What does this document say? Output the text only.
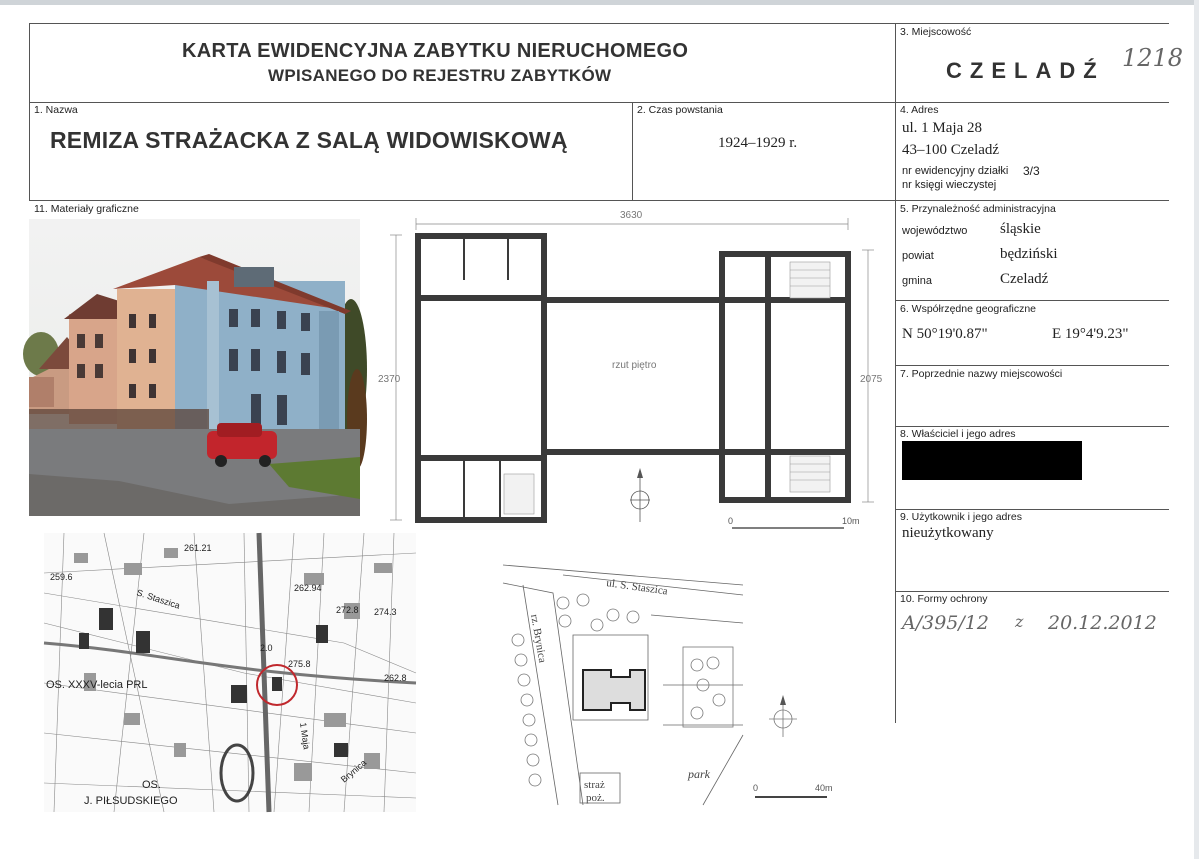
KARTA EWIDENCYJNA ZABYTKU NIERUCHOMEGO
WPISANEGO DO REJESTRU ZABYTKÓW
3. Miejscowość
CZELADŹ 1218
1. Nazwa
REMIZA STRAŻACKA Z SALĄ WIDOWISKOWĄ
2. Czas powstania
1924–1929 r.
4. Adres
ul. 1 Maja 28
43–100 Czeladź
nr ewidencyjny działki 3/3
nr księgi wieczystej
11. Materiały graficzne	5. Przynależność administracyjna
województwo śląskie
powiat	będziński
gmina	Czeladź
6. Współrzędne geograficzne
N 50°19'0.87"	E 19°4'9.23"
7. Poprzednie nazwy miejscowości
8. Właściciel i jego adres
9. Użytkownik i jego adres
nieużytkowany
10. Formy ochrony
A/395/12 z 20.12.2012
261.21
259.6
262.94
272.8 274.3
2.0
275.8
262.8
S. Staszica
OS. XXXV-lecia PRL
OS.
J. PIŁSUDSKIEGO
1 Maja
Brynica
3630
2370	2075
rzut piętro
0	10m
ul. S. Staszica
rz. Brynica
park
straż
poż.
0	40m
